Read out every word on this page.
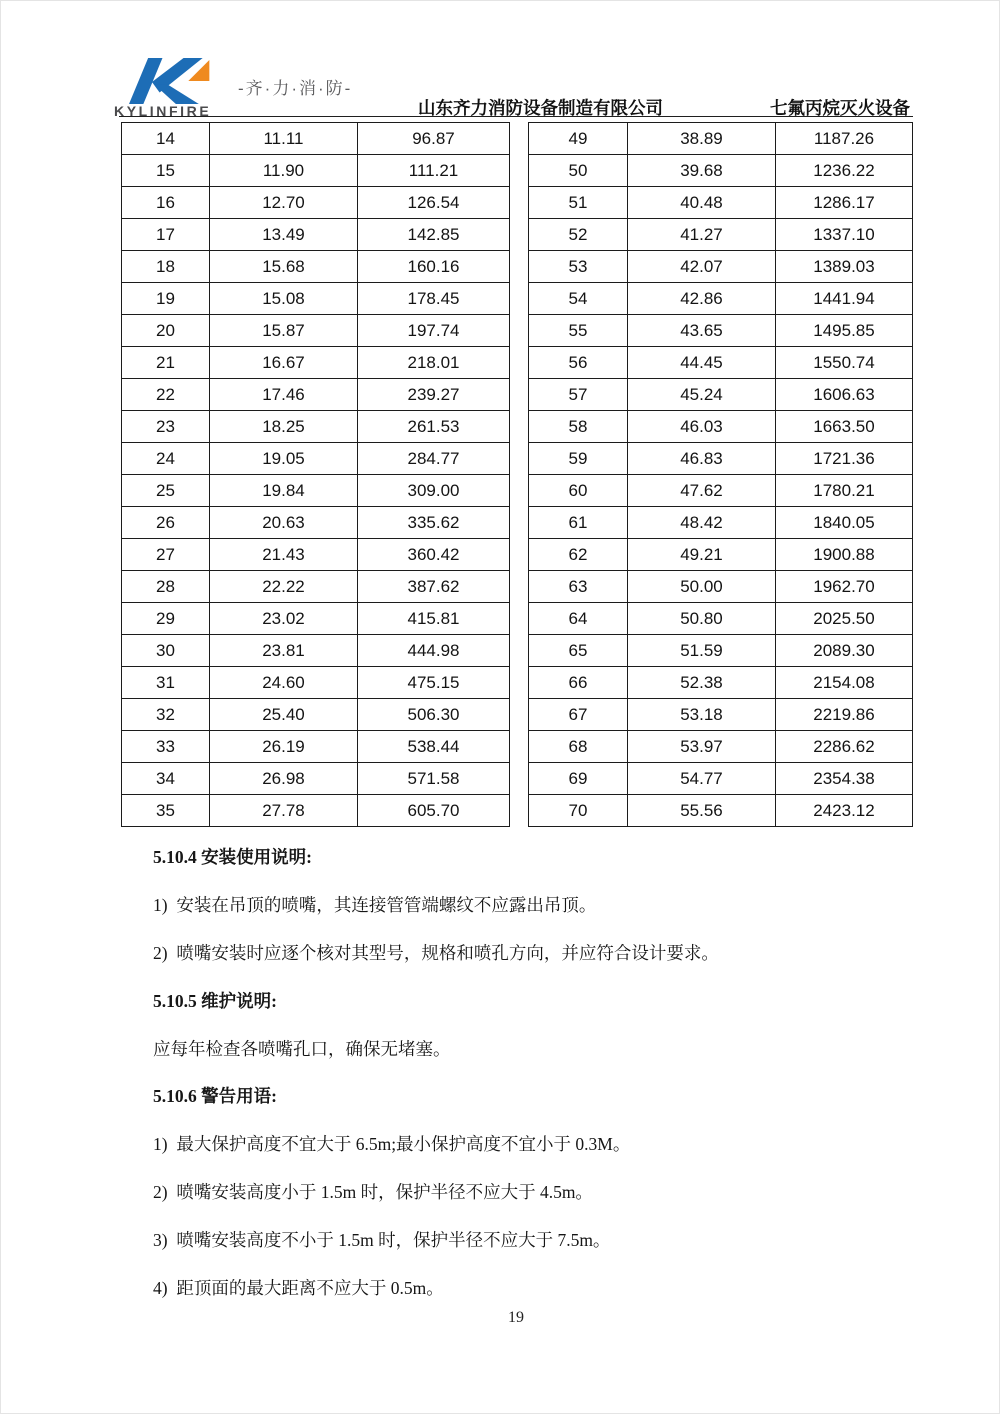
KYLINFIRE
-齐·力·消·防-
山东齐力消防设备制造有限公司	七氟丙烷灭火设备
14	11.11	96.87
15	11.90	111.21
16	12.70	126.54
17	13.49	142.85
18	15.68	160.16
19	15.08	178.45
20	15.87	197.74
21	16.67	218.01
22	17.46	239.27
23	18.25	261.53
24	19.05	284.77
25	19.84	309.00
26	20.63	335.62
27	21.43	360.42
28	22.22	387.62
29	23.02	415.81
30	23.81	444.98
31	24.60	475.15
32	25.40	506.30
33	26.19	538.44
34	26.98	571.58
35	27.78	605.70
49	38.89	1187.26
50	39.68	1236.22
51	40.48	1286.17
52	41.27	1337.10
53	42.07	1389.03
54	42.86	1441.94
55	43.65	1495.85
56	44.45	1550.74
57	45.24	1606.63
58	46.03	1663.50
59	46.83	1721.36
60	47.62	1780.21
61	48.42	1840.05
62	49.21	1900.88
63	50.00	1962.70
64	50.80	2025.50
65	51.59	2089.30
66	52.38	2154.08
67	53.18	2219.86
68	53.97	2286.62
69	54.77	2354.38
70	55.56	2423.12
5.10.4 安装使用说明:
1)  安装在吊顶的喷嘴，其连接管管端螺纹不应露出吊顶。
2)  喷嘴安装时应逐个核对其型号，规格和喷孔方向，并应符合设计要求。
5.10.5 维护说明:
应每年检查各喷嘴孔口，确保无堵塞。
5.10.6 警告用语:
1)  最大保护高度不宜大于 6.5m;最小保护高度不宜小于 0.3M。
2)  喷嘴安装高度小于 1.5m 时，保护半径不应大于 4.5m。
3)  喷嘴安装高度不小于 1.5m 时，保护半径不应大于 7.5m。
4)  距顶面的最大距离不应大于 0.5m。
19
